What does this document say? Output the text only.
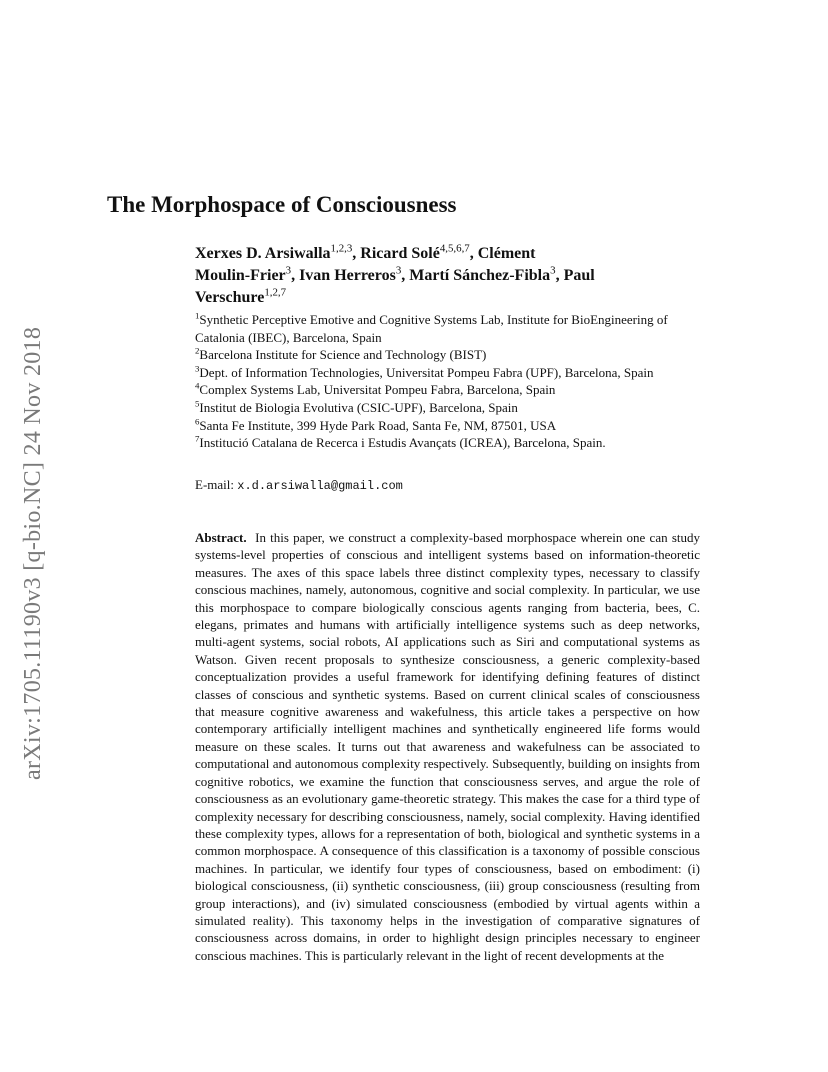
arXiv:1705.11190v3 [q-bio.NC] 24 Nov 2018
The Morphospace of Consciousness
Xerxes D. Arsiwalla$^{1,2,3}$, Ricard Solé$^{4,5,6,7}$, Clément
Moulin-Frier$^3$, Ivan Herreros$^3$, Martí Sánchez-Fibla$^3$, Paul
Verschure$^{1,2,7}$
$^1$Synthetic Perceptive Emotive and Cognitive Systems Lab, Institute for BioEngineering of Catalonia (IBEC), Barcelona, Spain
$^2$Barcelona Institute for Science and Technology (BIST)
$^3$Dept. of Information Technologies, Universitat Pompeu Fabra (UPF), Barcelona, Spain
$^4$Complex Systems Lab, Universitat Pompeu Fabra, Barcelona, Spain
$^5$Institut de Biologia Evolutiva (CSIC-UPF), Barcelona, Spain
$^6$Santa Fe Institute, 399 Hyde Park Road, Santa Fe, NM, 87501, USA
$^7$Institució Catalana de Recerca i Estudis Avançats (ICREA), Barcelona, Spain.
E-mail: x.d.arsiwalla@gmail.com
Abstract. In this paper, we construct a complexity-based morphospace wherein one can study systems-level properties of conscious and intelligent systems based on information-theoretic measures. The axes of this space labels three distinct complexity types, necessary to classify conscious machines, namely, autonomous, cognitive and social complexity. In particular, we use this morphospace to compare biologically conscious agents ranging from bacteria, bees, C. elegans, primates and humans with artificially intelligence systems such as deep networks, multi-agent systems, social robots, AI applications such as Siri and computational systems as Watson. Given recent proposals to synthesize consciousness, a generic complexity-based conceptualization provides a useful framework for identifying defining features of distinct classes of conscious and synthetic systems. Based on current clinical scales of consciousness that measure cognitive awareness and wakefulness, this article takes a perspective on how contemporary artificially intelligent machines and synthetically engineered life forms would measure on these scales. It turns out that awareness and wakefulness can be associated to computational and autonomous complexity respectively. Subsequently, building on insights from cognitive robotics, we examine the function that consciousness serves, and argue the role of consciousness as an evolutionary game-theoretic strategy. This makes the case for a third type of complexity necessary for describing consciousness, namely, social complexity. Having identified these complexity types, allows for a representation of both, biological and synthetic systems in a common morphospace. A consequence of this classification is a taxonomy of possible conscious machines. In particular, we identify four types of consciousness, based on embodiment: (i) biological consciousness, (ii) synthetic consciousness, (iii) group consciousness (resulting from group interactions), and (iv) simulated consciousness (embodied by virtual agents within a simulated reality). This taxonomy helps in the investigation of comparative signatures of consciousness across domains, in order to highlight design principles necessary to engineer conscious machines. This is particularly relevant in the light of recent developments at the
